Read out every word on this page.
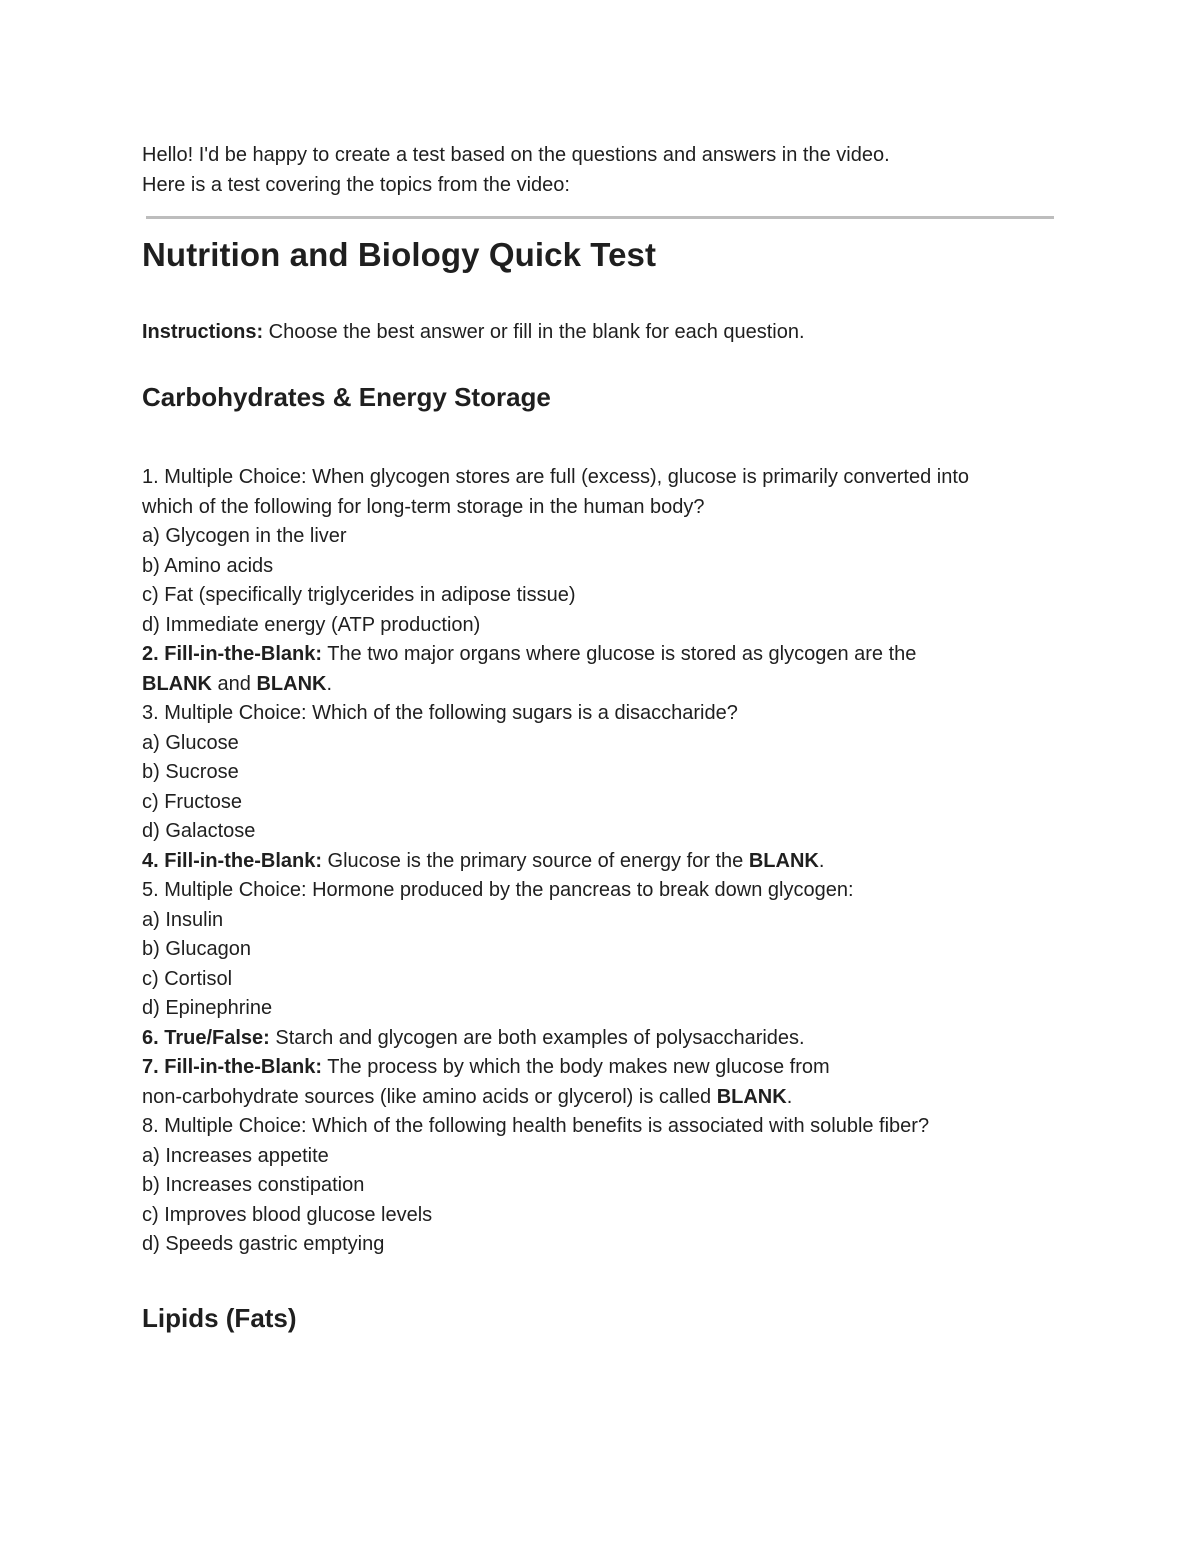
Hello! I'd be happy to create a test based on the questions and answers in the video.

Here is a test covering the topics from the video:

Nutrition and Biology Quick Test

Instructions: Choose the best answer or fill in the blank for each question.

Carbohydrates & Energy Storage

1. Multiple Choice: When glycogen stores are full (excess), glucose is primarily converted into

which of the following for long-term storage in the human body?

a) Glycogen in the liver

b) Amino acids

c) Fat (specifically triglycerides in adipose tissue)

d) Immediate energy (ATP production)

2. Fill-in-the-Blank: The two major organs where glucose is stored as glycogen are the

BLANK and BLANK.

3. Multiple Choice: Which of the following sugars is a disaccharide?

a) Glucose

b) Sucrose

c) Fructose

d) Galactose

4. Fill-in-the-Blank: Glucose is the primary source of energy for the BLANK.

5. Multiple Choice: Hormone produced by the pancreas to break down glycogen:

a) Insulin

b) Glucagon

c) Cortisol

d) Epinephrine

6. True/False: Starch and glycogen are both examples of polysaccharides.

7. Fill-in-the-Blank: The process by which the body makes new glucose from

non-carbohydrate sources (like amino acids or glycerol) is called BLANK.

8. Multiple Choice: Which of the following health benefits is associated with soluble fiber?

a) Increases appetite

b) Increases constipation

c) Improves blood glucose levels

d) Speeds gastric emptying

Lipids (Fats)
